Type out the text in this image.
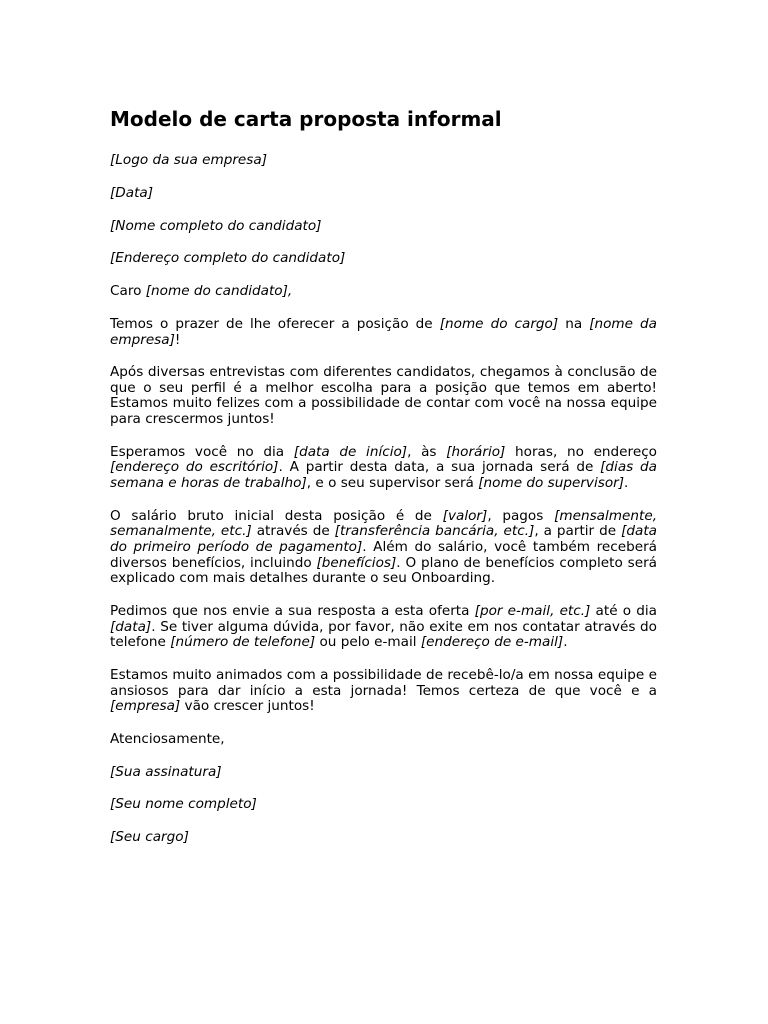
Modelo de carta proposta informal

[Logo da sua empresa]

[Data]

[Nome completo do candidato]

[Endereço completo do candidato]

Caro [nome do candidato],

Temos o prazer de lhe oferecer a posição de [nome do cargo] na [nome da empresa]!

Após diversas entrevistas com diferentes candidatos, chegamos à conclusão de que o seu perfil é a melhor escolha para a posição que temos em aberto! Estamos muito felizes com a possibilidade de contar com você na nossa equipe para crescermos juntos!

Esperamos você no dia [data de início], às [horário] horas, no endereço [endereço do escritório]. A partir desta data, a sua jornada será de [dias da semana e horas de trabalho], e o seu supervisor será [nome do supervisor].

O salário bruto inicial desta posição é de [valor], pagos [mensalmente, semanalmente, etc.] através de [transferência bancária, etc.], a partir de [data do primeiro período de pagamento]. Além do salário, você também receberá diversos benefícios, incluindo [benefícios]. O plano de benefícios completo será explicado com mais detalhes durante o seu Onboarding.

Pedimos que nos envie a sua resposta a esta oferta [por e-mail, etc.] até o dia [data]. Se tiver alguma dúvida, por favor, não exite em nos contatar através do telefone [número de telefone] ou pelo e-mail [endereço de e-mail].

Estamos muito animados com a possibilidade de recebê-lo/a em nossa equipe e ansiosos para dar início a esta jornada! Temos certeza de que você e a [empresa] vão crescer juntos!

Atenciosamente,

[Sua assinatura]

[Seu nome completo]

[Seu cargo]
